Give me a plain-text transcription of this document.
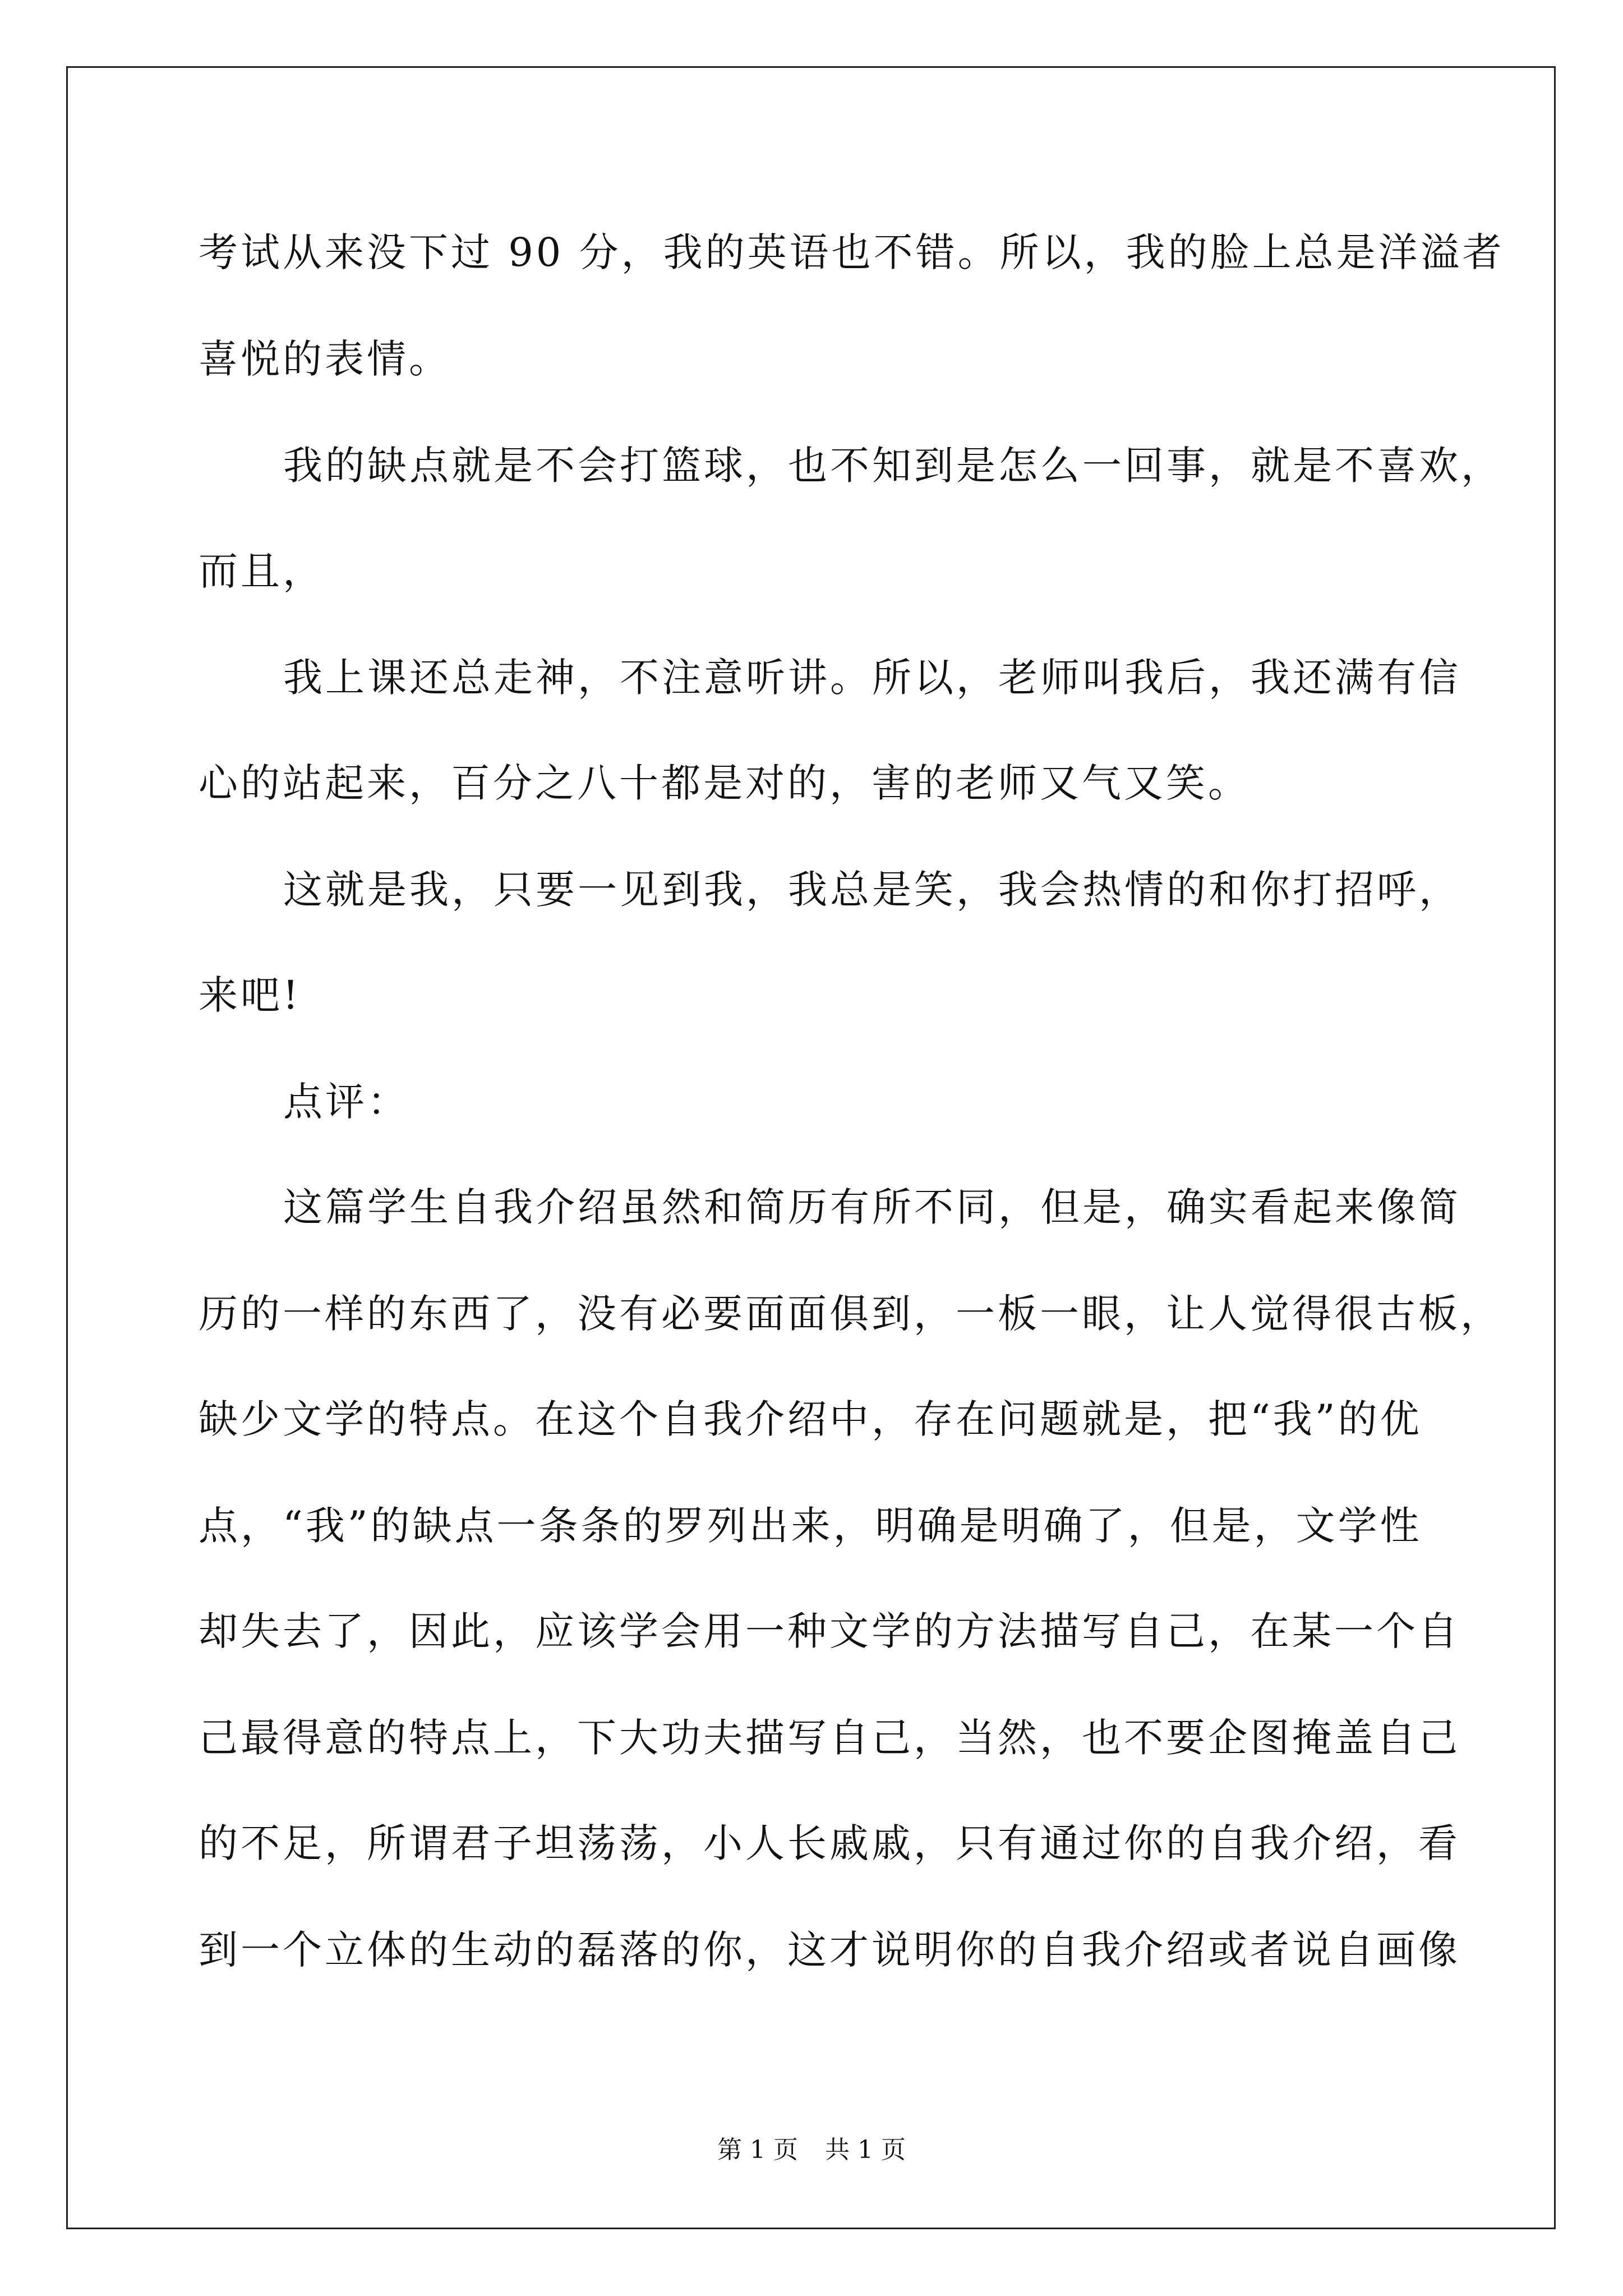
考试从来没下过 90 分，我的英语也不错。所以，我的脸上总是洋溢者
喜悦的表情。
我的缺点就是不会打篮球，也不知到是怎么一回事，就是不喜欢，
而且，
我上课还总走神，不注意听讲。所以，老师叫我后，我还满有信
心的站起来，百分之八十都是对的，害的老师又气又笑。
这就是我，只要一见到我，我总是笑，我会热情的和你打招呼，
来吧!
点评：
这篇学生自我介绍虽然和简历有所不同，但是，确实看起来像简
历的一样的东西了，没有必要面面俱到，一板一眼，让人觉得很古板，
缺少文学的特点。在这个自我介绍中，存在问题就是，把“我”的优
点，“我”的缺点一条条的罗列出来，明确是明确了，但是，文学性
却失去了，因此，应该学会用一种文学的方法描写自己，在某一个自
己最得意的特点上，下大功夫描写自己，当然，也不要企图掩盖自己
的不足，所谓君子坦荡荡，小人长戚戚，只有通过你的自我介绍，看
到一个立体的生动的磊落的你，这才说明你的自我介绍或者说自画像
第 1 页 共 1 页
